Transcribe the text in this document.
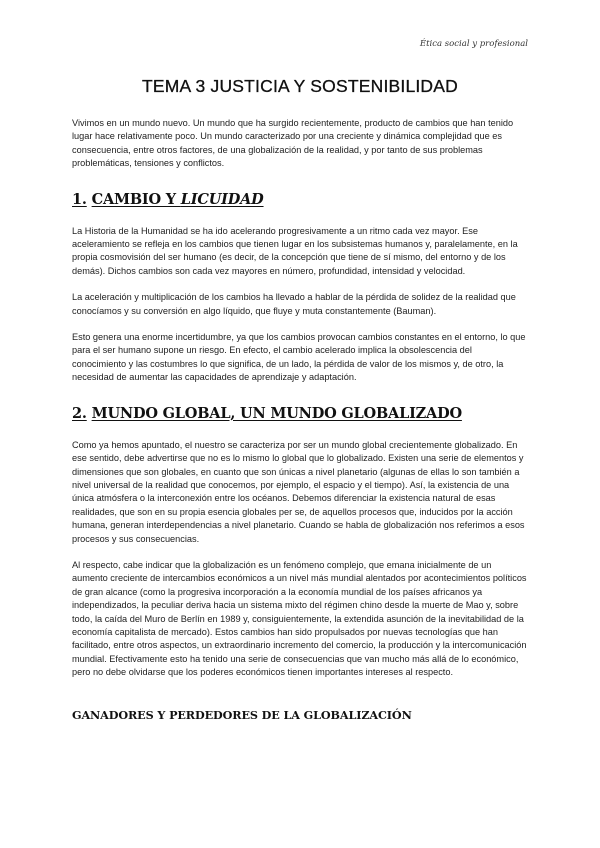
Ética social y profesional
TEMA 3 JUSTICIA Y SOSTENIBILIDAD

Vivimos en un mundo nuevo. Un mundo que ha surgido recientemente, producto de cambios que han tenido lugar hace relativamente poco. Un mundo caracterizado por una creciente y dinámica complejidad que es consecuencia, entre otros factores, de una globalización de la realidad, y por tanto de sus problemas problemáticas, tensiones y conflictos.

1. CAMBIO Y LICUIDAD

La Historia de la Humanidad se ha ido acelerando progresivamente a un ritmo cada vez mayor. Ese aceleramiento se refleja en los cambios que tienen lugar en los subsistemas humanos y, paralelamente, en la propia cosmovisión del ser humano (es decir, de la concepción que tiene de sí mismo, del entorno y de los demás). Dichos cambios son cada vez mayores en número, profundidad, intensidad y velocidad.

La aceleración y multiplicación de los cambios ha llevado a hablar de la pérdida de solidez de la realidad que conocíamos y su conversión en algo líquido, que fluye y muta constantemente (Bauman).

Esto genera una enorme incertidumbre, ya que los cambios provocan cambios constantes en el entorno, lo que para el ser humano supone un riesgo. En efecto, el cambio acelerado implica la obsolescencia del conocimiento y las costumbres lo que significa, de un lado, la pérdida de valor de los mismos y, de otro, la necesidad de aumentar las capacidades de aprendizaje y adaptación.

2. MUNDO GLOBAL, UN MUNDO GLOBALIZADO

Como ya hemos apuntado, el nuestro se caracteriza por ser un mundo global crecientemente globalizado. En ese sentido, debe advertirse que no es lo mismo lo global que lo globalizado. Existen una serie de elementos y dimensiones que son globales, en cuanto que son únicas a nivel planetario (algunas de ellas lo son también a nivel universal de la realidad que conocemos, por ejemplo, el espacio y el tiempo). Así, la existencia de una única atmósfera o la interconexión entre los océanos. Debemos diferenciar la existencia natural de esas realidades, que son en su propia esencia globales per se, de aquellos procesos que, inducidos por la acción humana, generan interdependencias a nivel planetario. Cuando se habla de globalización nos referimos a esos procesos y sus consecuencias.

Al respecto, cabe indicar que la globalización es un fenómeno complejo, que emana inicialmente de un aumento creciente de intercambios económicos a un nivel más mundial alentados por acontecimientos políticos de gran alcance (como la progresiva incorporación a la economía mundial de los países africanos ya independizados, la peculiar deriva hacia un sistema mixto del régimen chino desde la muerte de Mao y, sobre todo, la caída del Muro de Berlín en 1989 y, consiguientemente, la extendida asunción de la inevitabilidad de la economía capitalista de mercado). Estos cambios han sido propulsados por nuevas tecnologías que han facilitado, entre otros aspectos, un extraordinario incremento del comercio, la producción y la intercomunicación mundial. Efectivamente esto ha tenido una serie de consecuencias que van mucho más allá de lo económico, pero no debe olvidarse que los poderes económicos tienen importantes intereses al respecto.

GANADORES Y PERDEDORES DE LA GLOBALIZACIÓN
